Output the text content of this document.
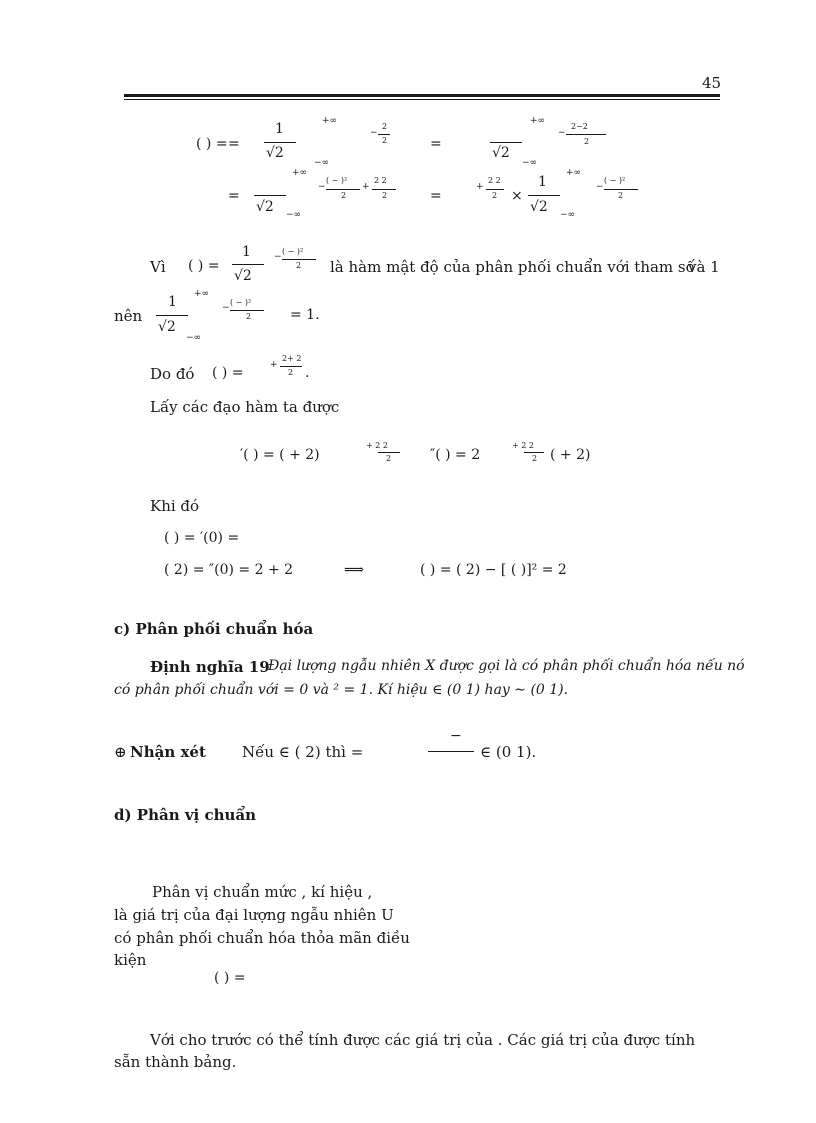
45
( ) = =
1
√2
+∞
−∞
−
2
2	=
√2
+∞
−∞
−
2−2
2
=
√2
+∞
−∞
−
( − )²
2
+
2 2
2	=
+
2 2
2 ×
1
√2
+∞
−∞
−
( − )²
2
Vì ( ) =
1
√2
−
( − )²
2 là hàm mật độ của phân phối chuẩn với tham số
và 1
nên
1
√2
+∞
−∞
−
( − )²
2	= 1.
Do đó ( ) =	+
2+ 2
2 .
Lấy các đạo hàm ta được
′( ) = ( + 2)
+ 2 2
2	″( ) = 2
+ 2 2
2 ( + 2)
Khi đó
( ) = ′(0) =
( 2) = ″(0) = 2 + 2	⟹	( ) = ( 2) − [ ( )]² = 2
c) Phân phối chuẩn hóa
Định nghĩa 19
Đại lượng ngẫu nhiên X được gọi là có phân phối chuẩn hóa nếu nó
có phân phối chuẩn với = 0 và ² = 1. Kí hiệu ∈ (0 1) hay ∼ (0 1).
⊕ Nhận xét Nếu ∈ ( 2) thì =
−
∈ (0 1).
d) Phân vị chuẩn
Phân vị chuẩn mức , kí hiệu ,
là giá trị của đại lượng ngẫu nhiên U
có phân phối chuẩn hóa thỏa mãn điều
kiện
( ) =
Với cho trước có thể tính được các giá trị của . Các giá trị của được tính
sẵn thành bảng.
